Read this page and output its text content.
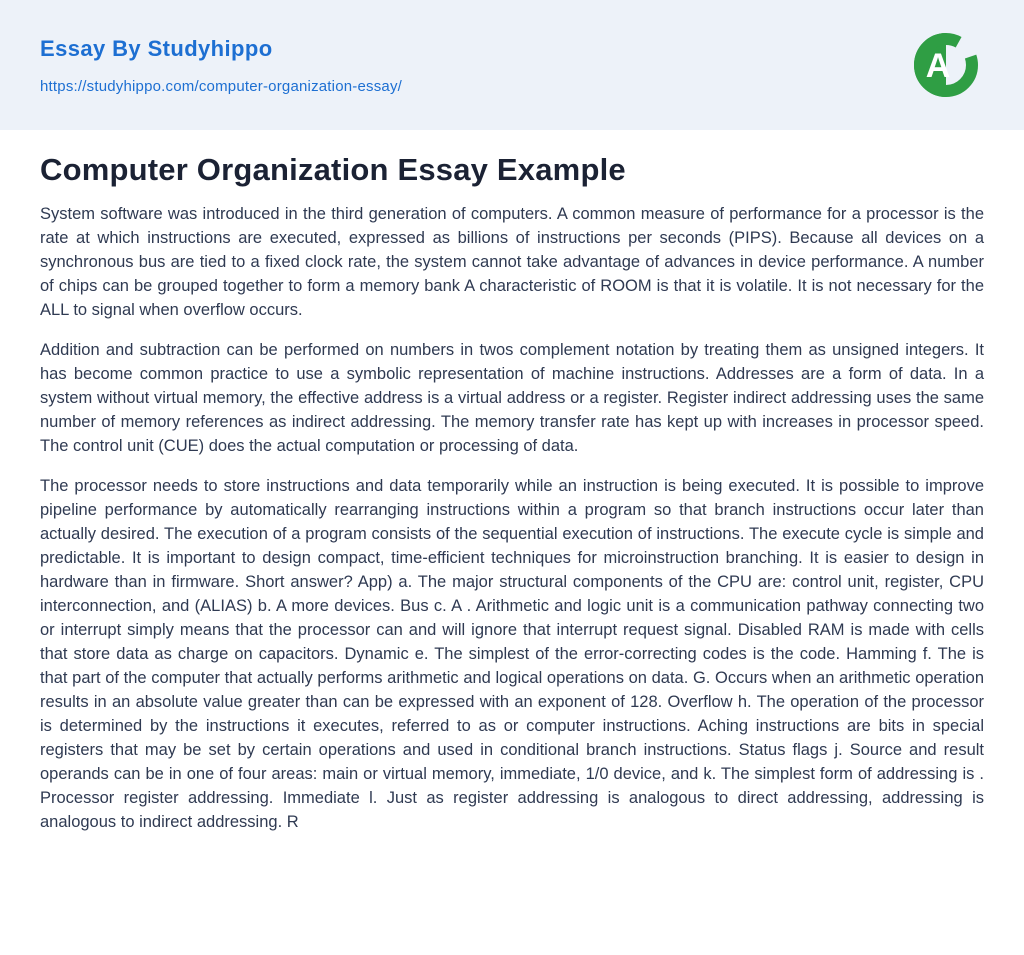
Essay By Studyhippo
https://studyhippo.com/computer-organization-essay/
A
Computer Organization Essay Example

System software was introduced in the third generation of computers. A common measure of performance for a processor is the rate at which instructions are executed, expressed as billions of instructions per seconds (PIPS). Because all devices on a synchronous bus are tied to a fixed clock rate, the system cannot take advantage of advances in device performance. A number of chips can be grouped together to form a memory bank A characteristic of ROOM is that it is volatile. It is not necessary for the ALL to signal when overflow occurs.

Addition and subtraction can be performed on numbers in twos complement notation by treating them as unsigned integers. It has become common practice to use a symbolic representation of machine instructions. Addresses are a form of data. In a system without virtual memory, the effective address is a virtual address or a register. Register indirect addressing uses the same number of memory references as indirect addressing. The memory transfer rate has kept up with increases in processor speed. The control unit (CUE) does the actual computation or processing of data.

The processor needs to store instructions and data temporarily while an instruction is being executed. It is possible to improve pipeline performance by automatically rearranging instructions within a program so that branch instructions occur later than actually desired. The execution of a program consists of the sequential execution of instructions. The execute cycle is simple and predictable. It is important to design compact, time-efficient techniques for microinstruction branching. It is easier to design in hardware than in firmware. Short answer? App) a. The major structural components of the CPU are: control unit, register, CPU interconnection, and (ALIAS) b. A more devices. Bus c. A . Arithmetic and logic unit is a communication pathway connecting two or interrupt simply means that the processor can and will ignore that interrupt request signal. Disabled RAM is made with cells that store data as charge on capacitors. Dynamic e. The simplest of the error-correcting codes is the code. Hamming f. The is that part of the computer that actually performs arithmetic and logical operations on data. G. Occurs when an arithmetic operation results in an absolute value greater than can be expressed with an exponent of 128. Overflow h. The operation of the processor is determined by the instructions it executes, referred to as or computer instructions. Aching instructions are bits in special registers that may be set by certain operations and used in conditional branch instructions. Status flags j. Source and result operands can be in one of four areas: main or virtual memory, immediate, 1/0 device, and k. The simplest form of addressing is . Processor register addressing. Immediate l. Just as register addressing is analogous to direct addressing, addressing is analogous to indirect addressing. R
